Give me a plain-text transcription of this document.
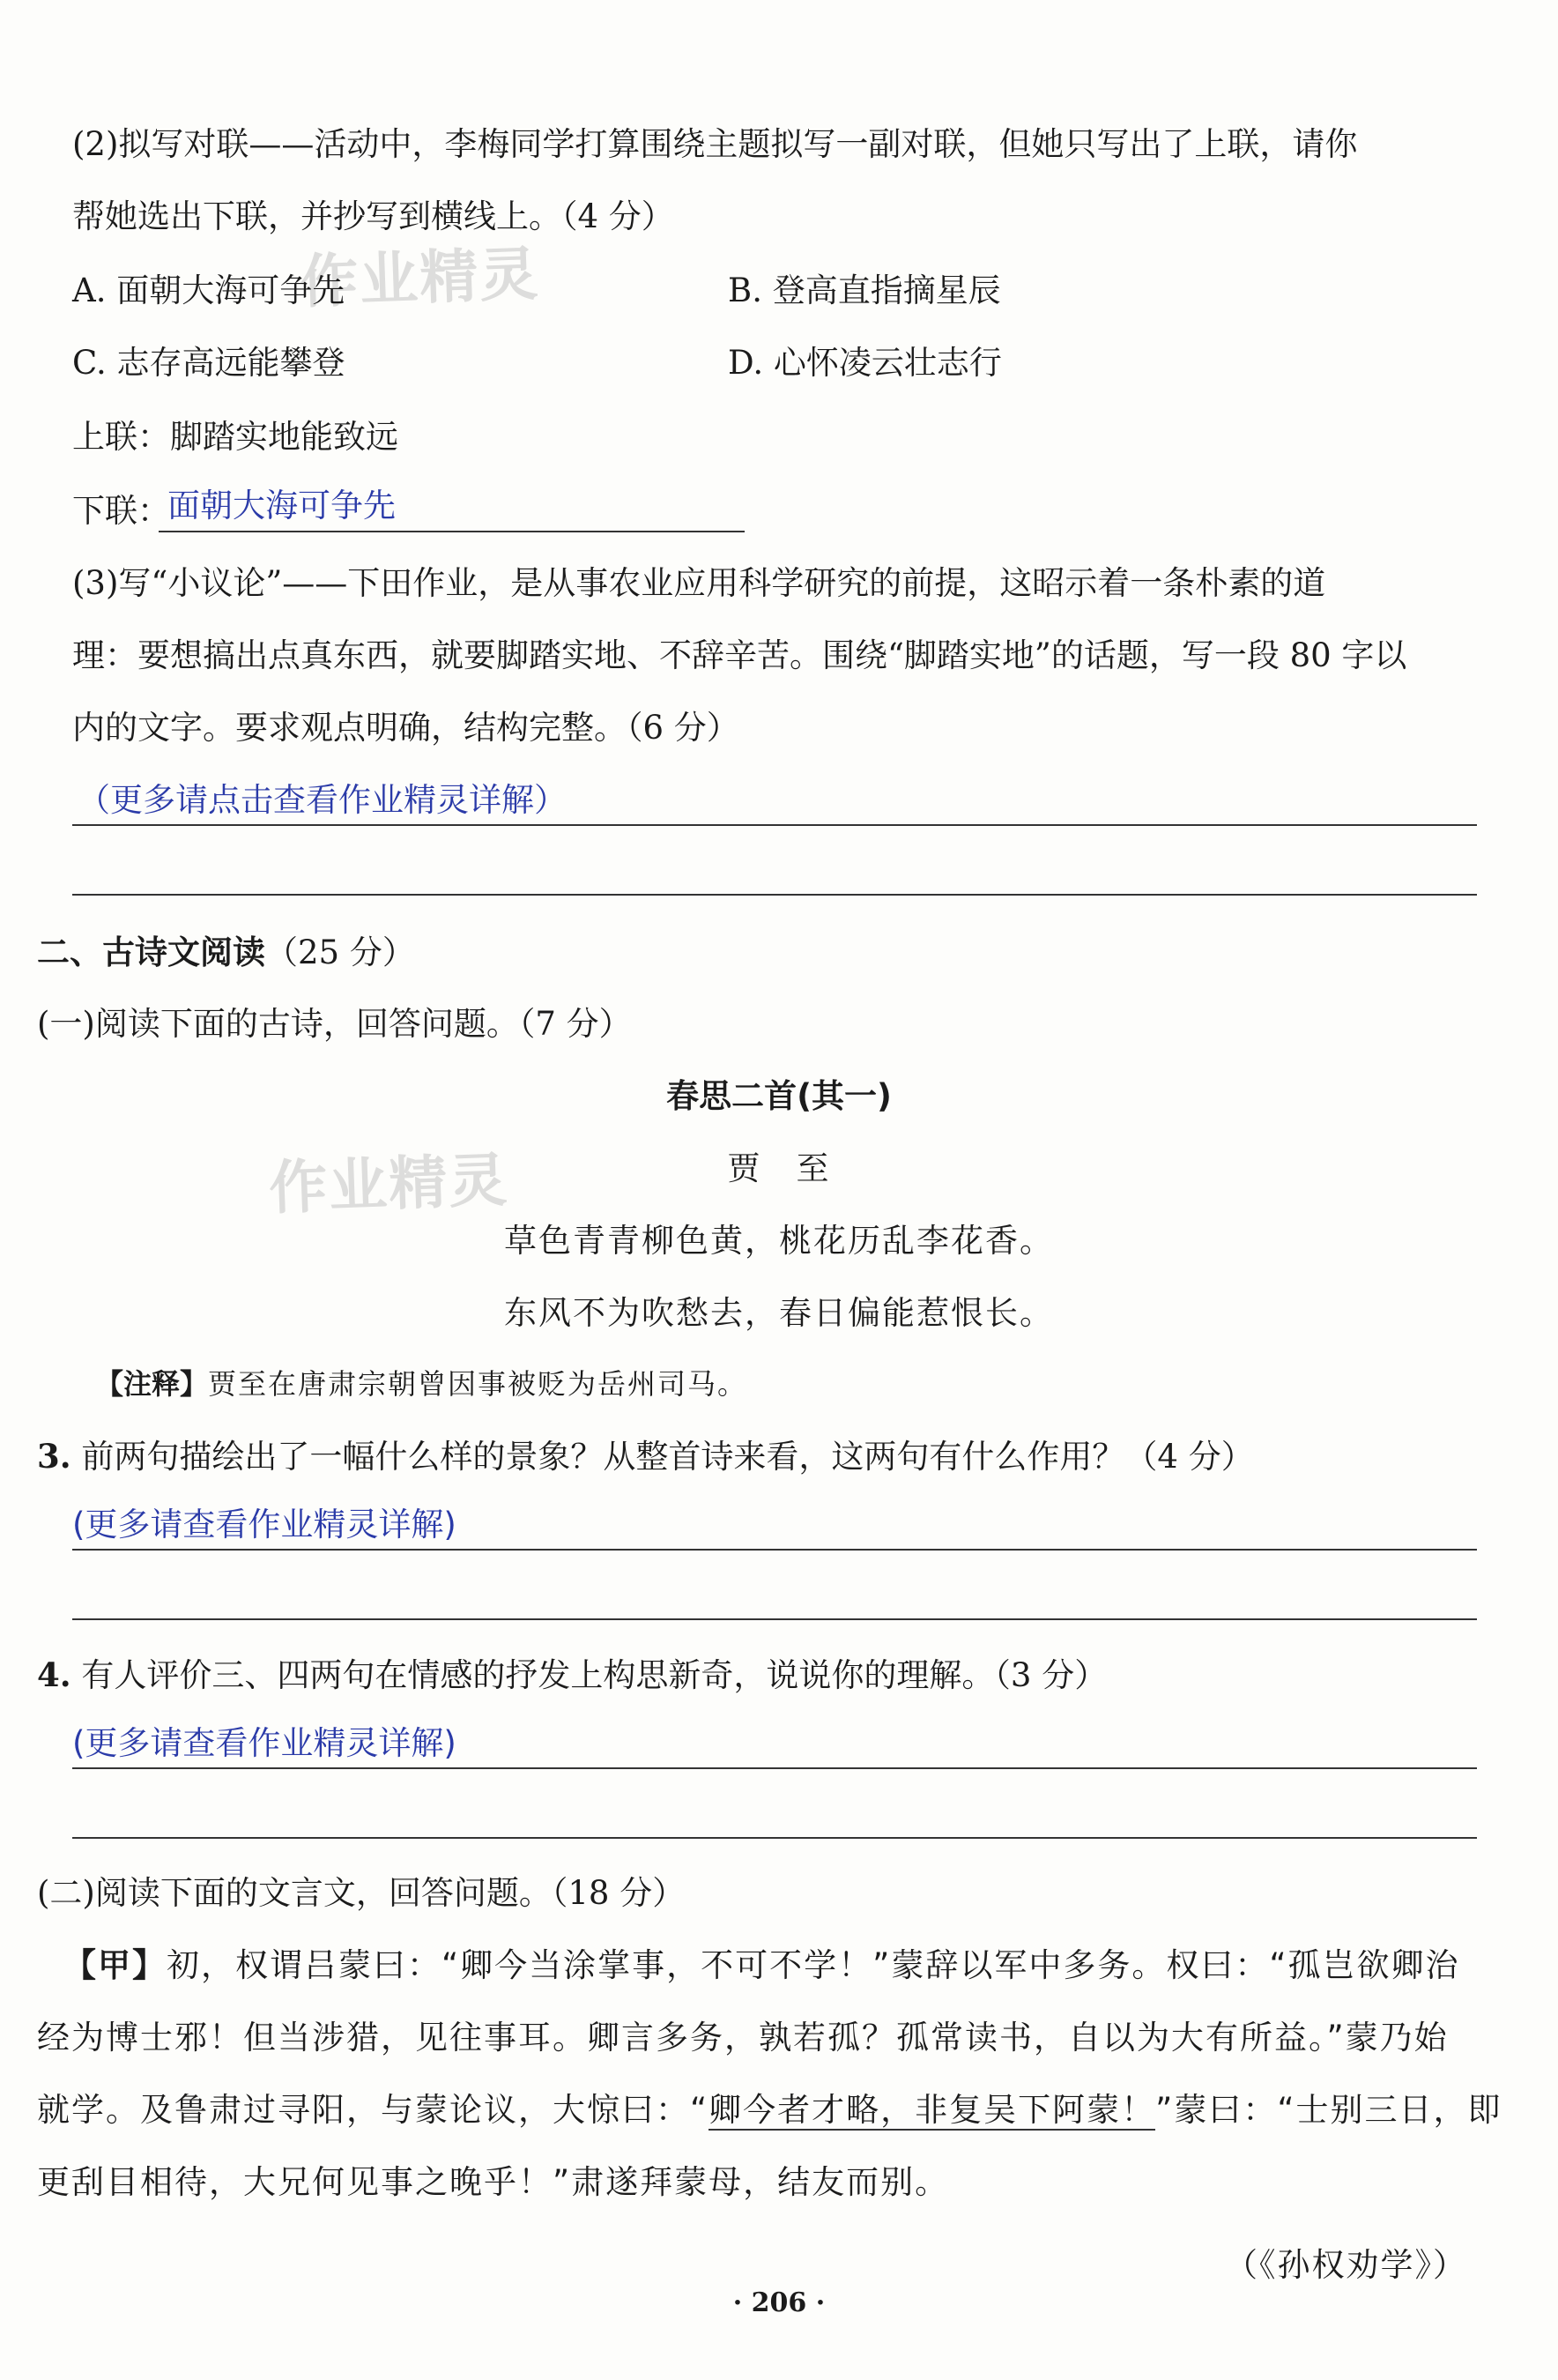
作业精灵
作业精灵
(2)拟写对联——活动中，李梅同学打算围绕主题拟写一副对联，但她只写出了上联，请你
帮她选出下联，并抄写到横线上。（4 分）
A. 面朝大海可争先	B. 登高直指摘星辰
C. 志存高远能攀登	D. 心怀凌云壮志行
上联：脚踏实地能致远
下联：
面朝大海可争先
(3)写“小议论”——下田作业，是从事农业应用科学研究的前提，这昭示着一条朴素的道
理：要想搞出点真东西，就要脚踏实地、不辞辛苦。围绕“脚踏实地”的话题，写一段 80 字以
内的文字。要求观点明确，结构完整。（6 分）
（更多请点击查看作业精灵详解）
二、古诗文阅读（25 分）
(一)阅读下面的古诗，回答问题。（7 分）
春思二首(其一)
贾　至
草色青青柳色黄，桃花历乱李花香。
东风不为吹愁去，春日偏能惹恨长。
【注释】贾至在唐肃宗朝曾因事被贬为岳州司马。
3. 前两句描绘出了一幅什么样的景象？从整首诗来看，这两句有什么作用？（4 分）
(更多请查看作业精灵详解)
4. 有人评价三、四两句在情感的抒发上构思新奇，说说你的理解。（3 分）
(更多请查看作业精灵详解)
(二)阅读下面的文言文，回答问题。（18 分）
【甲】初，权谓吕蒙曰：“卿今当涂掌事，不可不学！”蒙辞以军中多务。权曰：“孤岂欲卿治
经为博士邪！但当涉猎，见往事耳。卿言多务，孰若孤？孤常读书，自以为大有所益。”蒙乃始
就学。及鲁肃过寻阳，与蒙论议，大惊曰：“卿今者才略，非复吴下阿蒙！”蒙曰：“士别三日，即
更刮目相待，大兄何见事之晚乎！”肃遂拜蒙母，结友而别。
（《孙权劝学》）
· 206 ·
